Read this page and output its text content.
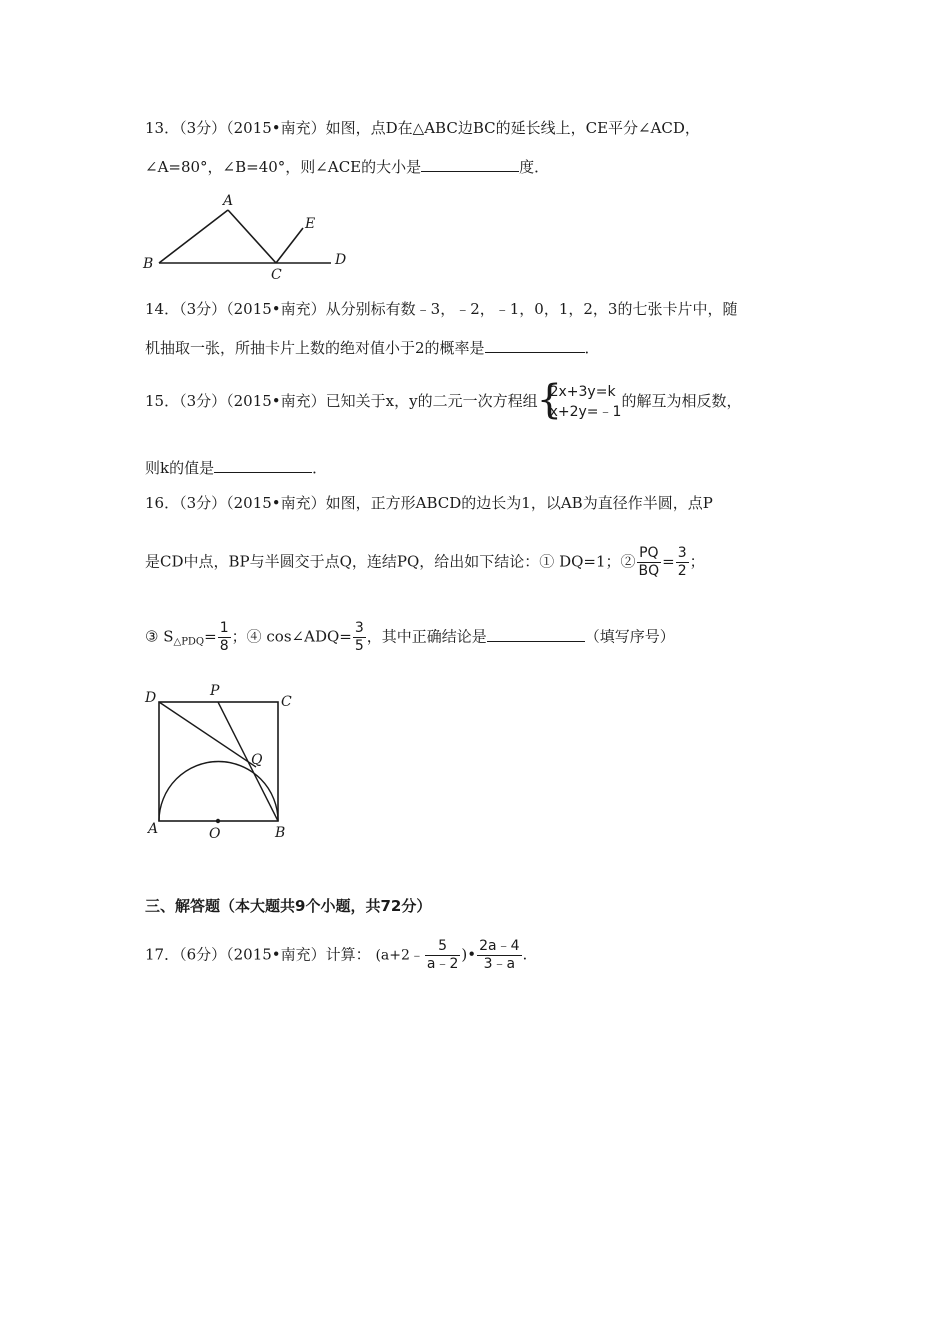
13．（3分）（2015•南充）如图，点D在△ABC边BC的延长线上，CE平分∠ACD，
∠A=80°，∠B=40°，则∠ACE的大小是	度．
A
B
C
D
E
14．（3分）（2015•南充）从分别标有数﹣3，﹣2，﹣1，0，1，2，3的七张卡片中，随
机抽取一张，所抽卡片上数的绝对值小于2的概率是	．
15．（3分）（2015•南充）已知关于x，y的二元一次方程组 {
2x+3y=k
x+2y=﹣1
的解互为相反数，
则k的值是	．
16．（3分）（2015•南充）如图，正方形ABCD的边长为1，以AB为直径作半圆，点P
是CD中点，BP与半圆交于点Q，连结PQ，给出如下结论：① DQ=1；② $\frac{PQ}{BQ} = \frac{3}{2}$ ；
③ $S_{\triangle PDQ}= \frac{1}{8}$ ；④ cos∠ADQ= $\frac{3}{5}$ ，其中正确结论是	（填写序号）
D	P
C
Q
A	O	B
三、解答题（本大题共9个小题，共72分）
17．（6分）（2015•南充）计算： (a+2﹣ $\frac{5}{a﹣2}$ )• $\frac{2a﹣4}{3﹣a}$ .
